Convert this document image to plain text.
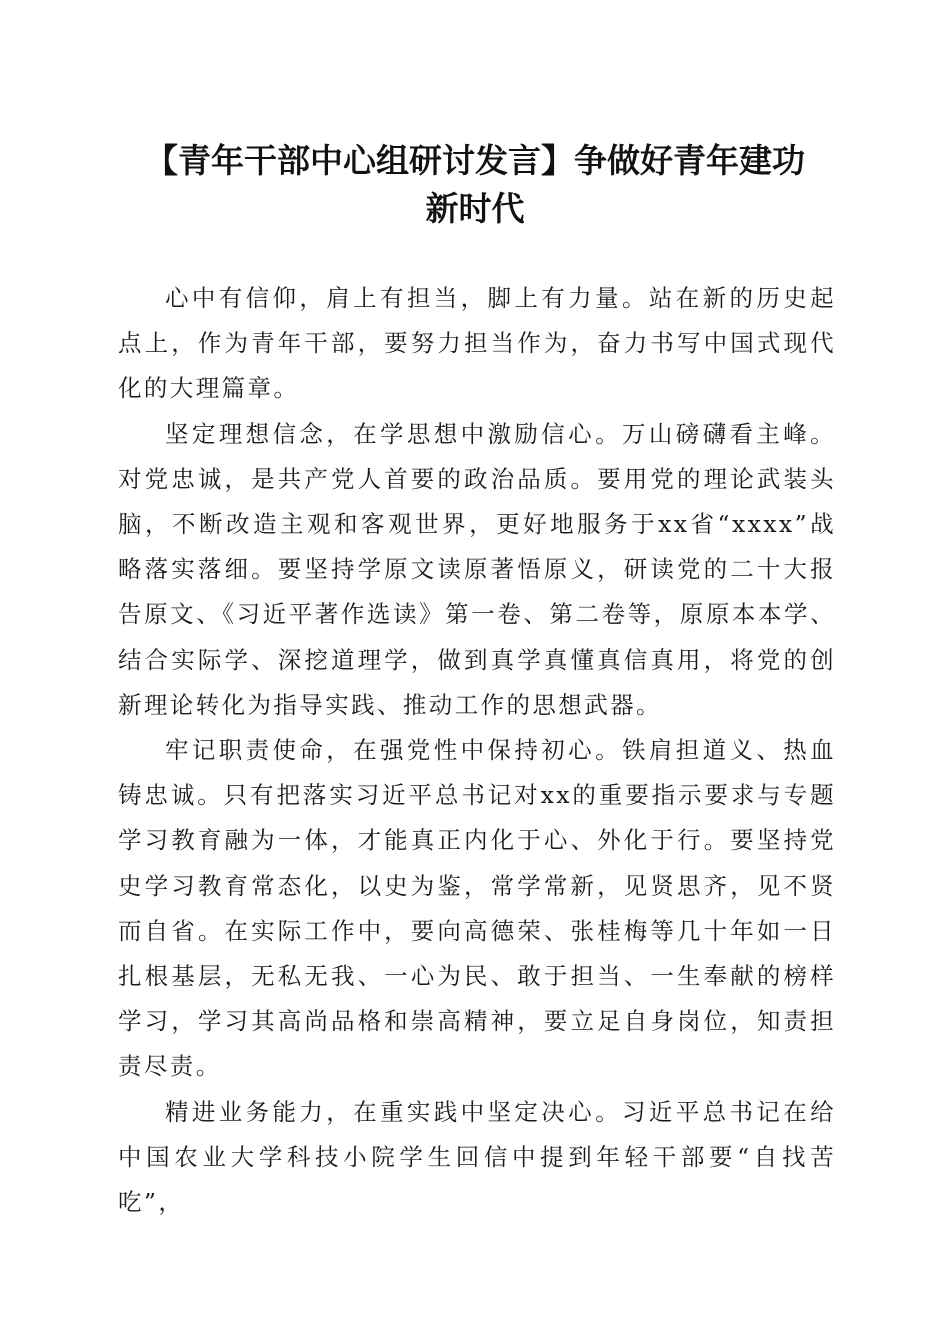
【青年干部中心组研讨发言】争做好青年建功
新时代

心中有信仰，肩上有担当，脚上有力量。站在新的历史起点上，作为青年干部，要努力担当作为，奋力书写中国式现代化的大理篇章。

坚定理想信念，在学思想中激励信心。万山磅礴看主峰。对党忠诚，是共产党人首要的政治品质。要用党的理论武装头脑，不断改造主观和客观世界，更好地服务于xx省“xxxx”战略落实落细。要坚持学原文读原著悟原义，研读党的二十大报告原文、《习近平著作选读》第一卷、第二卷等，原原本本学、结合实际学、深挖道理学，做到真学真懂真信真用，将党的创新理论转化为指导实践、推动工作的思想武器。

牢记职责使命，在强党性中保持初心。铁肩担道义、热血铸忠诚。只有把落实习近平总书记对xx的重要指示要求与专题学习教育融为一体，才能真正内化于心、外化于行。要坚持党史学习教育常态化，以史为鉴，常学常新，见贤思齐，见不贤而自省。在实际工作中，要向高德荣、张桂梅等几十年如一日扎根基层，无私无我、一心为民、敢于担当、一生奉献的榜样学习，学习其高尚品格和崇高精神，要立足自身岗位，知责担责尽责。

精进业务能力，在重实践中坚定决心。习近平总书记在给中国农业大学科技小院学生回信中提到年轻干部要“自找苦吃”，
